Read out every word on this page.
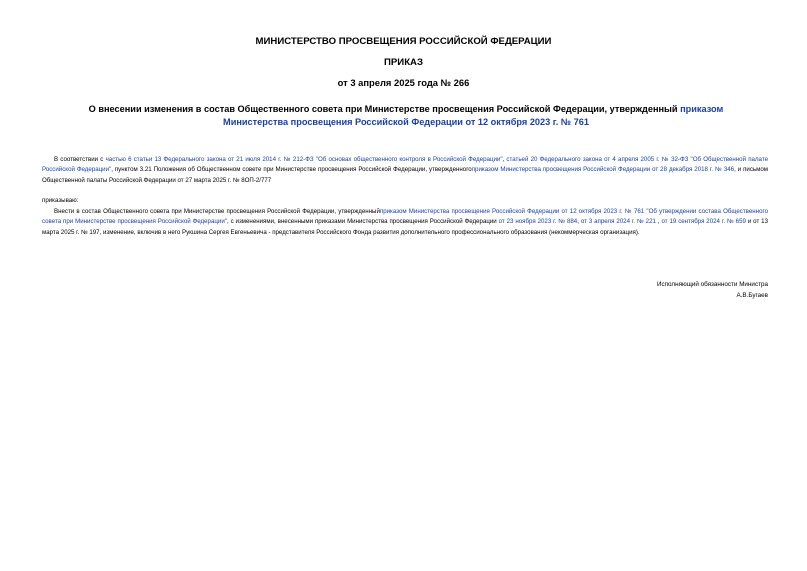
МИНИСТЕРСТВО ПРОСВЕЩЕНИЯ РОССИЙСКОЙ ФЕДЕРАЦИИ
ПРИКАЗ
от 3 апреля 2025 года № 266
О внесении изменения в состав Общественного совета при Министерстве просвещения Российской Федерации, утвержденный приказом Министерства просвещения Российской Федерации от 12 октября 2023 г. № 761
В соответствии с частью 6 статьи 13 Федерального закона от 21 июля 2014 г. № 212-ФЗ "Об основах общественного контроля в Российской Федерации", статьей 20 Федерального закона от 4 апреля 2005 г. № 32-ФЗ "Об Общественной палате Российской Федерации", пунктом 3.21 Положения об Общественном совете при Министерстве просвещения Российской Федерации, утвержденногоприказом Министерства просвещения Российской Федерации от 28 декабря 2018 г. № 346, и письмом Общественной палаты Российской Федерации от 27 марта 2025 г. № 8ОП-2/777
приказываю:
Внести в состав Общественного совета при Министерстве просвещения Российской Федерации, утвержденныйприказом Министерства просвещения Российской Федерации от 12 октября 2023 г. № 761 "Об утверждении состава Общественного совета при Министерстве просвещения Российской Федерации", с изменениями, внесенными приказами Министерства просвещения Российской Федерации от 23 ноября 2023 г. № 884, от 3 апреля 2024 г. № 221 , от 19 сентября 2024 г. № 659 и от 13 марта 2025 г. № 197, изменение, включив в него Рукшина Сергея Евгеньевича - представителя Российского Фонда развития дополнительного профессионального образования (некоммерческая организация).
Исполняющий обязанности Министра
А.В.Бугаев
